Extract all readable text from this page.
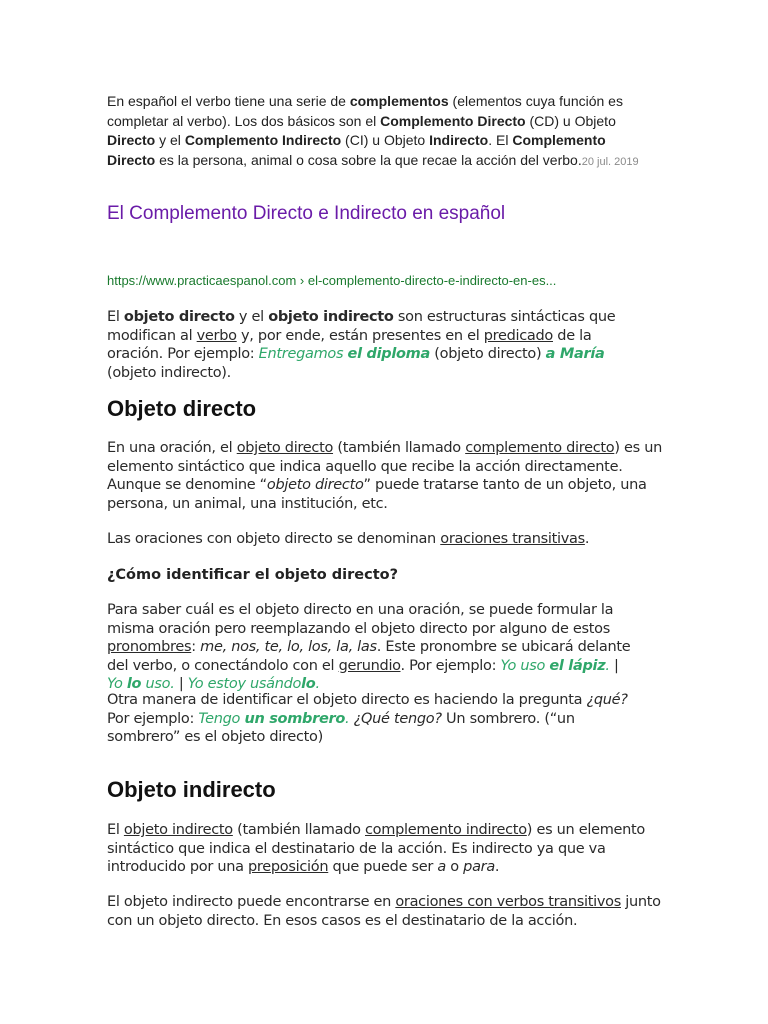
En español el verbo tiene una serie de complementos (elementos cuya función es completar al verbo). Los dos básicos son el Complemento Directo (CD) u Objeto Directo y el Complemento Indirecto (CI) u Objeto Indirecto. El Complemento Directo es la persona, animal o cosa sobre la que recae la acción del verbo.20 jul. 2019

El Complemento Directo e Indirecto en español

https://www.practicaespanol.com › el-complemento-directo-e-indirecto-en-es...

El objeto directo y el objeto indirecto son estructuras sintácticas que modifican al verbo y, por ende, están presentes en el predicado de la oración. Por ejemplo: Entregamos el diploma (objeto directo) a María (objeto indirecto).

Objeto directo

En una oración, el objeto directo (también llamado complemento directo) es un elemento sintáctico que indica aquello que recibe la acción directamente. Aunque se denomine “objeto directo” puede tratarse tanto de un objeto, una persona, un animal, una institución, etc.

Las oraciones con objeto directo se denominan oraciones transitivas.

¿Cómo identificar el objeto directo?

Para saber cuál es el objeto directo en una oración, se puede formular la misma oración pero reemplazando el objeto directo por alguno de estos pronombres: me, nos, te, lo, los, la, las. Este pronombre se ubicará delante del verbo, o conectándolo con el gerundio. Por ejemplo: Yo uso el lápiz. | Yo lo uso. | Yo estoy usándolo.

Otra manera de identificar el objeto directo es haciendo la pregunta ¿qué? Por ejemplo: Tengo un sombrero. ¿Qué tengo? Un sombrero. (“un sombrero” es el objeto directo)

Objeto indirecto

El objeto indirecto (también llamado complemento indirecto) es un elemento sintáctico que indica el destinatario de la acción. Es indirecto ya que va introducido por una preposición que puede ser a o para.

El objeto indirecto puede encontrarse en oraciones con verbos transitivos junto con un objeto directo. En esos casos es el destinatario de la acción.
